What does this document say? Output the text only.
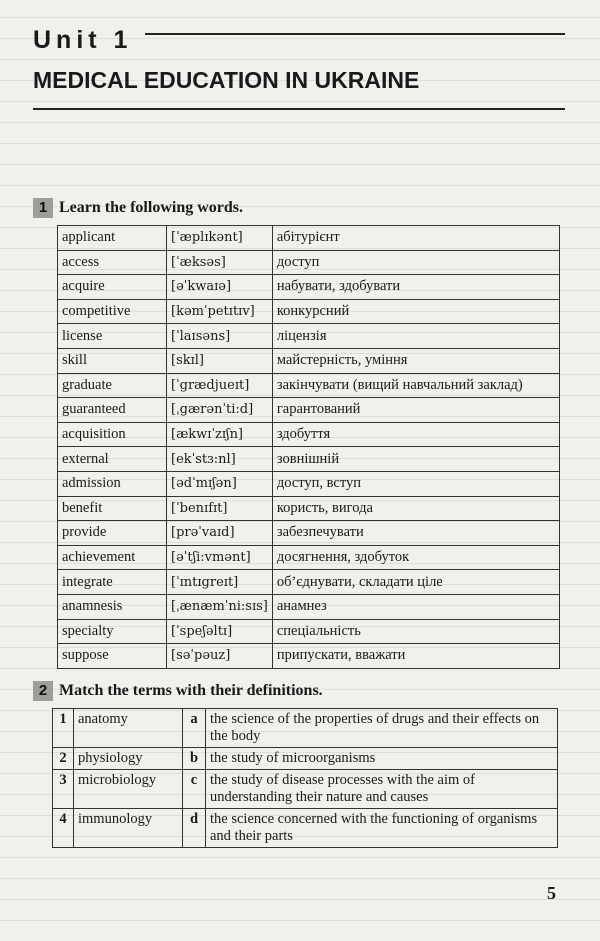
Unit 1
MEDICAL EDUCATION IN UKRAINE
1 Learn the following words.
applicant	[ˈæplɪkənt]	абітурієнт
access	[ˈæksəs]	доступ
acquire	[əˈkwaɪə]	набувати, здобувати
competitive	[kəmˈpetɪtɪv]	конкурсний
license	[ˈlaɪsəns]	ліцензія
skill	[skɪl]	майстерність, уміння
graduate	[ˈgrædjueɪt]	закінчувати (вищий навчальний заклад)
guaranteed	[ˌgærənˈti:d]	гарантований
acquisition	[ækwɪˈzɪʃn]	здобуття
external	[ekˈstɜ:nl]	зовнішній
admission	[ədˈmɪʃən]	доступ, вступ
benefit	[ˈbenɪfɪt]	користь, вигода
provide	[prəˈvaɪd]	забезпечувати
achievement	[əˈtʃi:vmənt]	досягнення, здобуток
integrate	[ˈɪntɪgreɪt]	об’єднувати, складати ціле
anamnesis	[ˌænæmˈni:sɪs]	анамнез
specialty	[ˈspeʃəltɪ]	спеціальність
suppose	[səˈpəuz]	припускати, вважати
2 Match the terms with their definitions.
1	anatomy	a	the science of the properties of drugs and their effects on the body
2	physiology	b	the study of microorganisms
3	microbiology	c	the study of disease processes with the aim of understanding their nature and causes
4	immunology	d	the science concerned with the functioning of organisms and their parts
5
